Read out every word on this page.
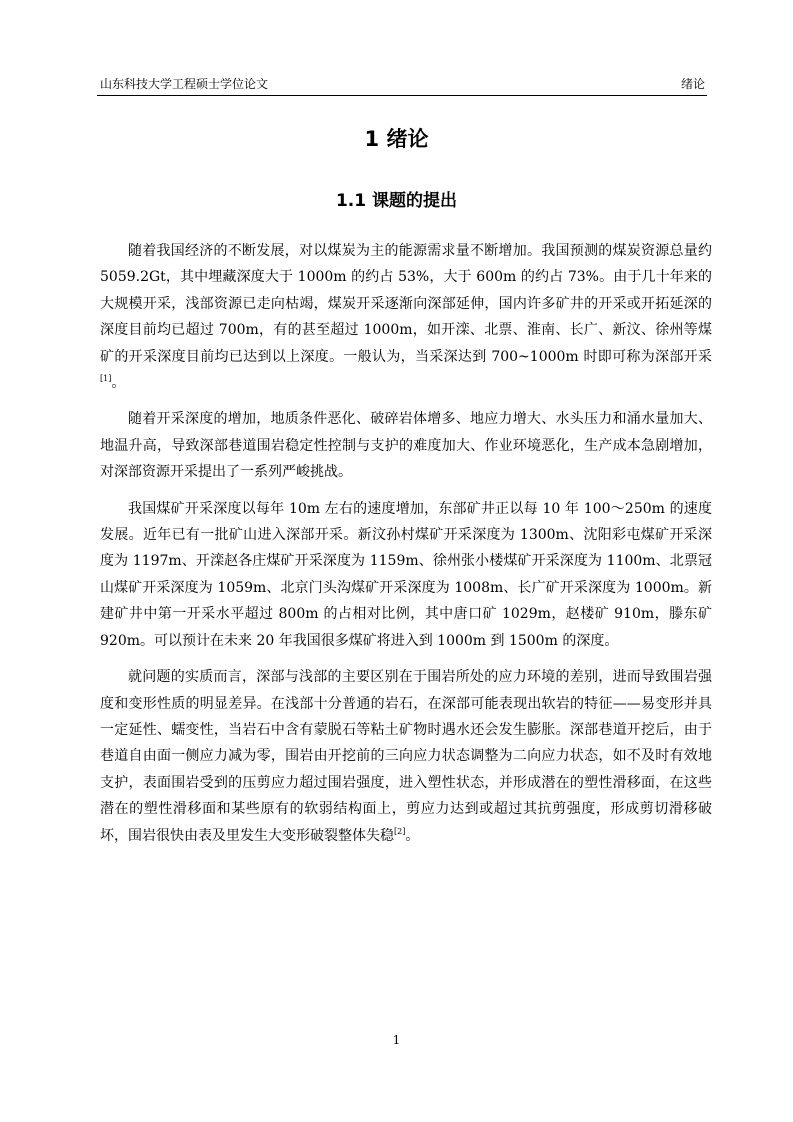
山东科技大学工程硕士学位论文	绪论
1 绪论
1.1 课题的提出

随着我国经济的不断发展，对以煤炭为主的能源需求量不断增加。我国预测的煤炭资源总量约 5059.2Gt，其中埋藏深度大于 1000m 的约占 53%，大于 600m 的约占 73%。由于几十年来的大规模开采，浅部资源已走向枯竭，煤炭开采逐渐向深部延伸，国内许多矿井的开采或开拓延深的深度目前均已超过 700m，有的甚至超过 1000m，如开滦、北票、淮南、长广、新汶、徐州等煤矿的开采深度目前均已达到以上深度。一般认为，当采深达到 700~1000m 时即可称为深部开采[1]。

随着开采深度的增加，地质条件恶化、破碎岩体增多、地应力增大、水头压力和涌水量加大、地温升高，导致深部巷道围岩稳定性控制与支护的难度加大、作业环境恶化，生产成本急剧增加，对深部资源开采提出了一系列严峻挑战。

我国煤矿开采深度以每年 10m 左右的速度增加，东部矿井正以每 10 年 100～250m 的速度发展。近年已有一批矿山进入深部开采。新汶孙村煤矿开采深度为 1300m、沈阳彩屯煤矿开采深度为 1197m、开滦赵各庄煤矿开采深度为 1159m、徐州张小楼煤矿开采深度为 1100m、北票冠山煤矿开采深度为 1059m、北京门头沟煤矿开采深度为 1008m、长广矿开采深度为 1000m。新建矿井中第一开采水平超过 800m 的占相对比例，其中唐口矿 1029m，赵楼矿 910m，滕东矿 920m。可以预计在未来 20 年我国很多煤矿将进入到 1000m 到 1500m 的深度。

就问题的实质而言，深部与浅部的主要区别在于围岩所处的应力环境的差别，进而导致围岩强度和变形性质的明显差异。在浅部十分普通的岩石，在深部可能表现出软岩的特征——易变形并具一定延性、蠕变性，当岩石中含有蒙脱石等粘土矿物时遇水还会发生膨胀。深部巷道开挖后，由于巷道自由面一侧应力减为零，围岩由开挖前的三向应力状态调整为二向应力状态，如不及时有效地支护，表面围岩受到的压剪应力超过围岩强度，进入塑性状态，并形成潜在的塑性滑移面，在这些潜在的塑性滑移面和某些原有的软弱结构面上，剪应力达到或超过其抗剪强度，形成剪切滑移破坏，围岩很快由表及里发生大变形破裂整体失稳[2]。

1
